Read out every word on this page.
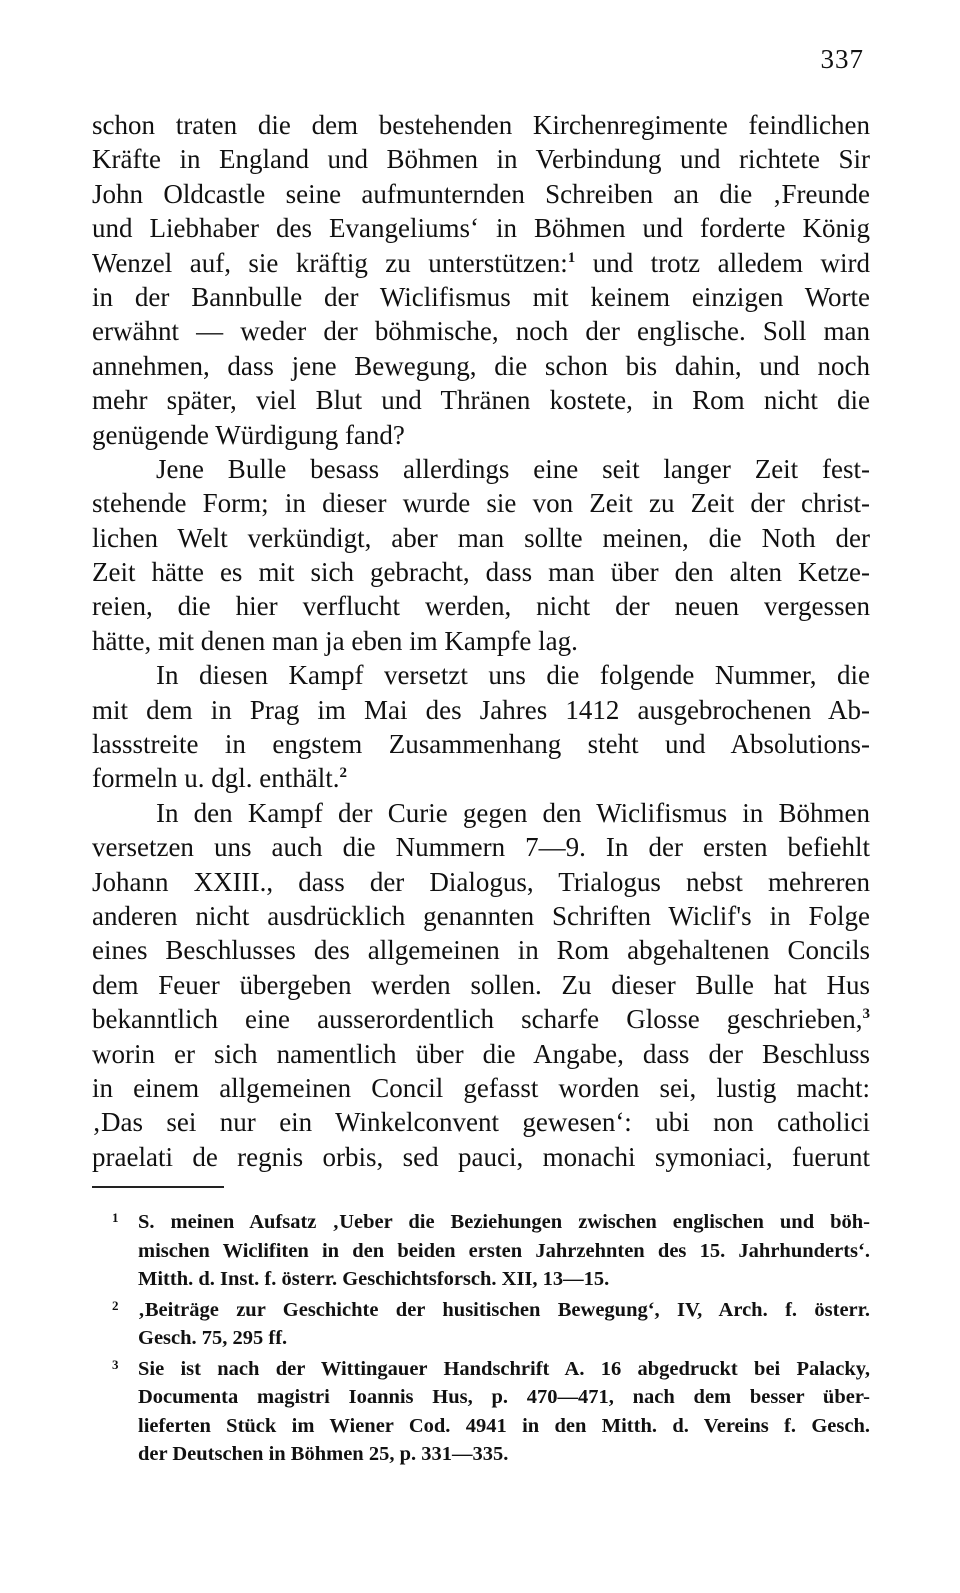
337
schon traten die dem bestehenden Kirchenregimente feindlichen
Kräfte in England und Böhmen in Verbindung und richtete Sir
John Oldcastle seine aufmunternden Schreiben an die ‚Freunde
und Liebhaber des Evangeliums‘ in Böhmen und forderte König
Wenzel auf, sie kräftig zu unterstützen:$^1$ und trotz alledem wird
in der Bannbulle der Wiclifismus mit keinem einzigen Worte
erwähnt — weder der böhmische, noch der englische. Soll man
annehmen, dass jene Bewegung, die schon bis dahin, und noch
mehr später, viel Blut und Thränen kostete, in Rom nicht die
genügende Würdigung fand?
Jene Bulle besass allerdings eine seit langer Zeit fest-
stehende Form; in dieser wurde sie von Zeit zu Zeit der christ-
lichen Welt verkündigt, aber man sollte meinen, die Noth der
Zeit hätte es mit sich gebracht, dass man über den alten Ketze-
reien, die hier verflucht werden, nicht der neuen vergessen
hätte, mit denen man ja eben im Kampfe lag.
In diesen Kampf versetzt uns die folgende Nummer, die
mit dem in Prag im Mai des Jahres 1412 ausgebrochenen Ab-
lassstreite in engstem Zusammenhang steht und Absolutions-
formeln u. dgl. enthält.$^2$
In den Kampf der Curie gegen den Wiclifismus in Böhmen
versetzen uns auch die Nummern 7—9. In der ersten befiehlt
Johann XXIII., dass der Dialogus, Trialogus nebst mehreren
anderen nicht ausdrücklich genannten Schriften Wiclif's in Folge
eines Beschlusses des allgemeinen in Rom abgehaltenen Concils
dem Feuer übergeben werden sollen. Zu dieser Bulle hat Hus
bekanntlich eine ausserordentlich scharfe Glosse geschrieben,$^3$
worin er sich namentlich über die Angabe, dass der Beschluss
in einem allgemeinen Concil gefasst worden sei, lustig macht:
‚Das sei nur ein Winkelconvent gewesen‘: ubi non catholici
praelati de regnis orbis, sed pauci, monachi symoniaci, fuerunt
1 S. meinen Aufsatz ‚Ueber die Beziehungen zwischen englischen und böh-
mischen Wiclifiten in den beiden ersten Jahrzehnten des 15. Jahrhunderts‘.
Mitth. d. Inst. f. österr. Geschichtsforsch. XII, 13—15.
2 ‚Beiträge zur Geschichte der husitischen Bewegung‘, IV, Arch. f. österr.
Gesch. 75, 295 ff.
3 Sie ist nach der Wittingauer Handschrift A. 16 abgedruckt bei Palacky,
Documenta magistri Ioannis Hus, p. 470—471, nach dem besser über-
lieferten Stück im Wiener Cod. 4941 in den Mitth. d. Vereins f. Gesch.
der Deutschen in Böhmen 25, p. 331—335.
